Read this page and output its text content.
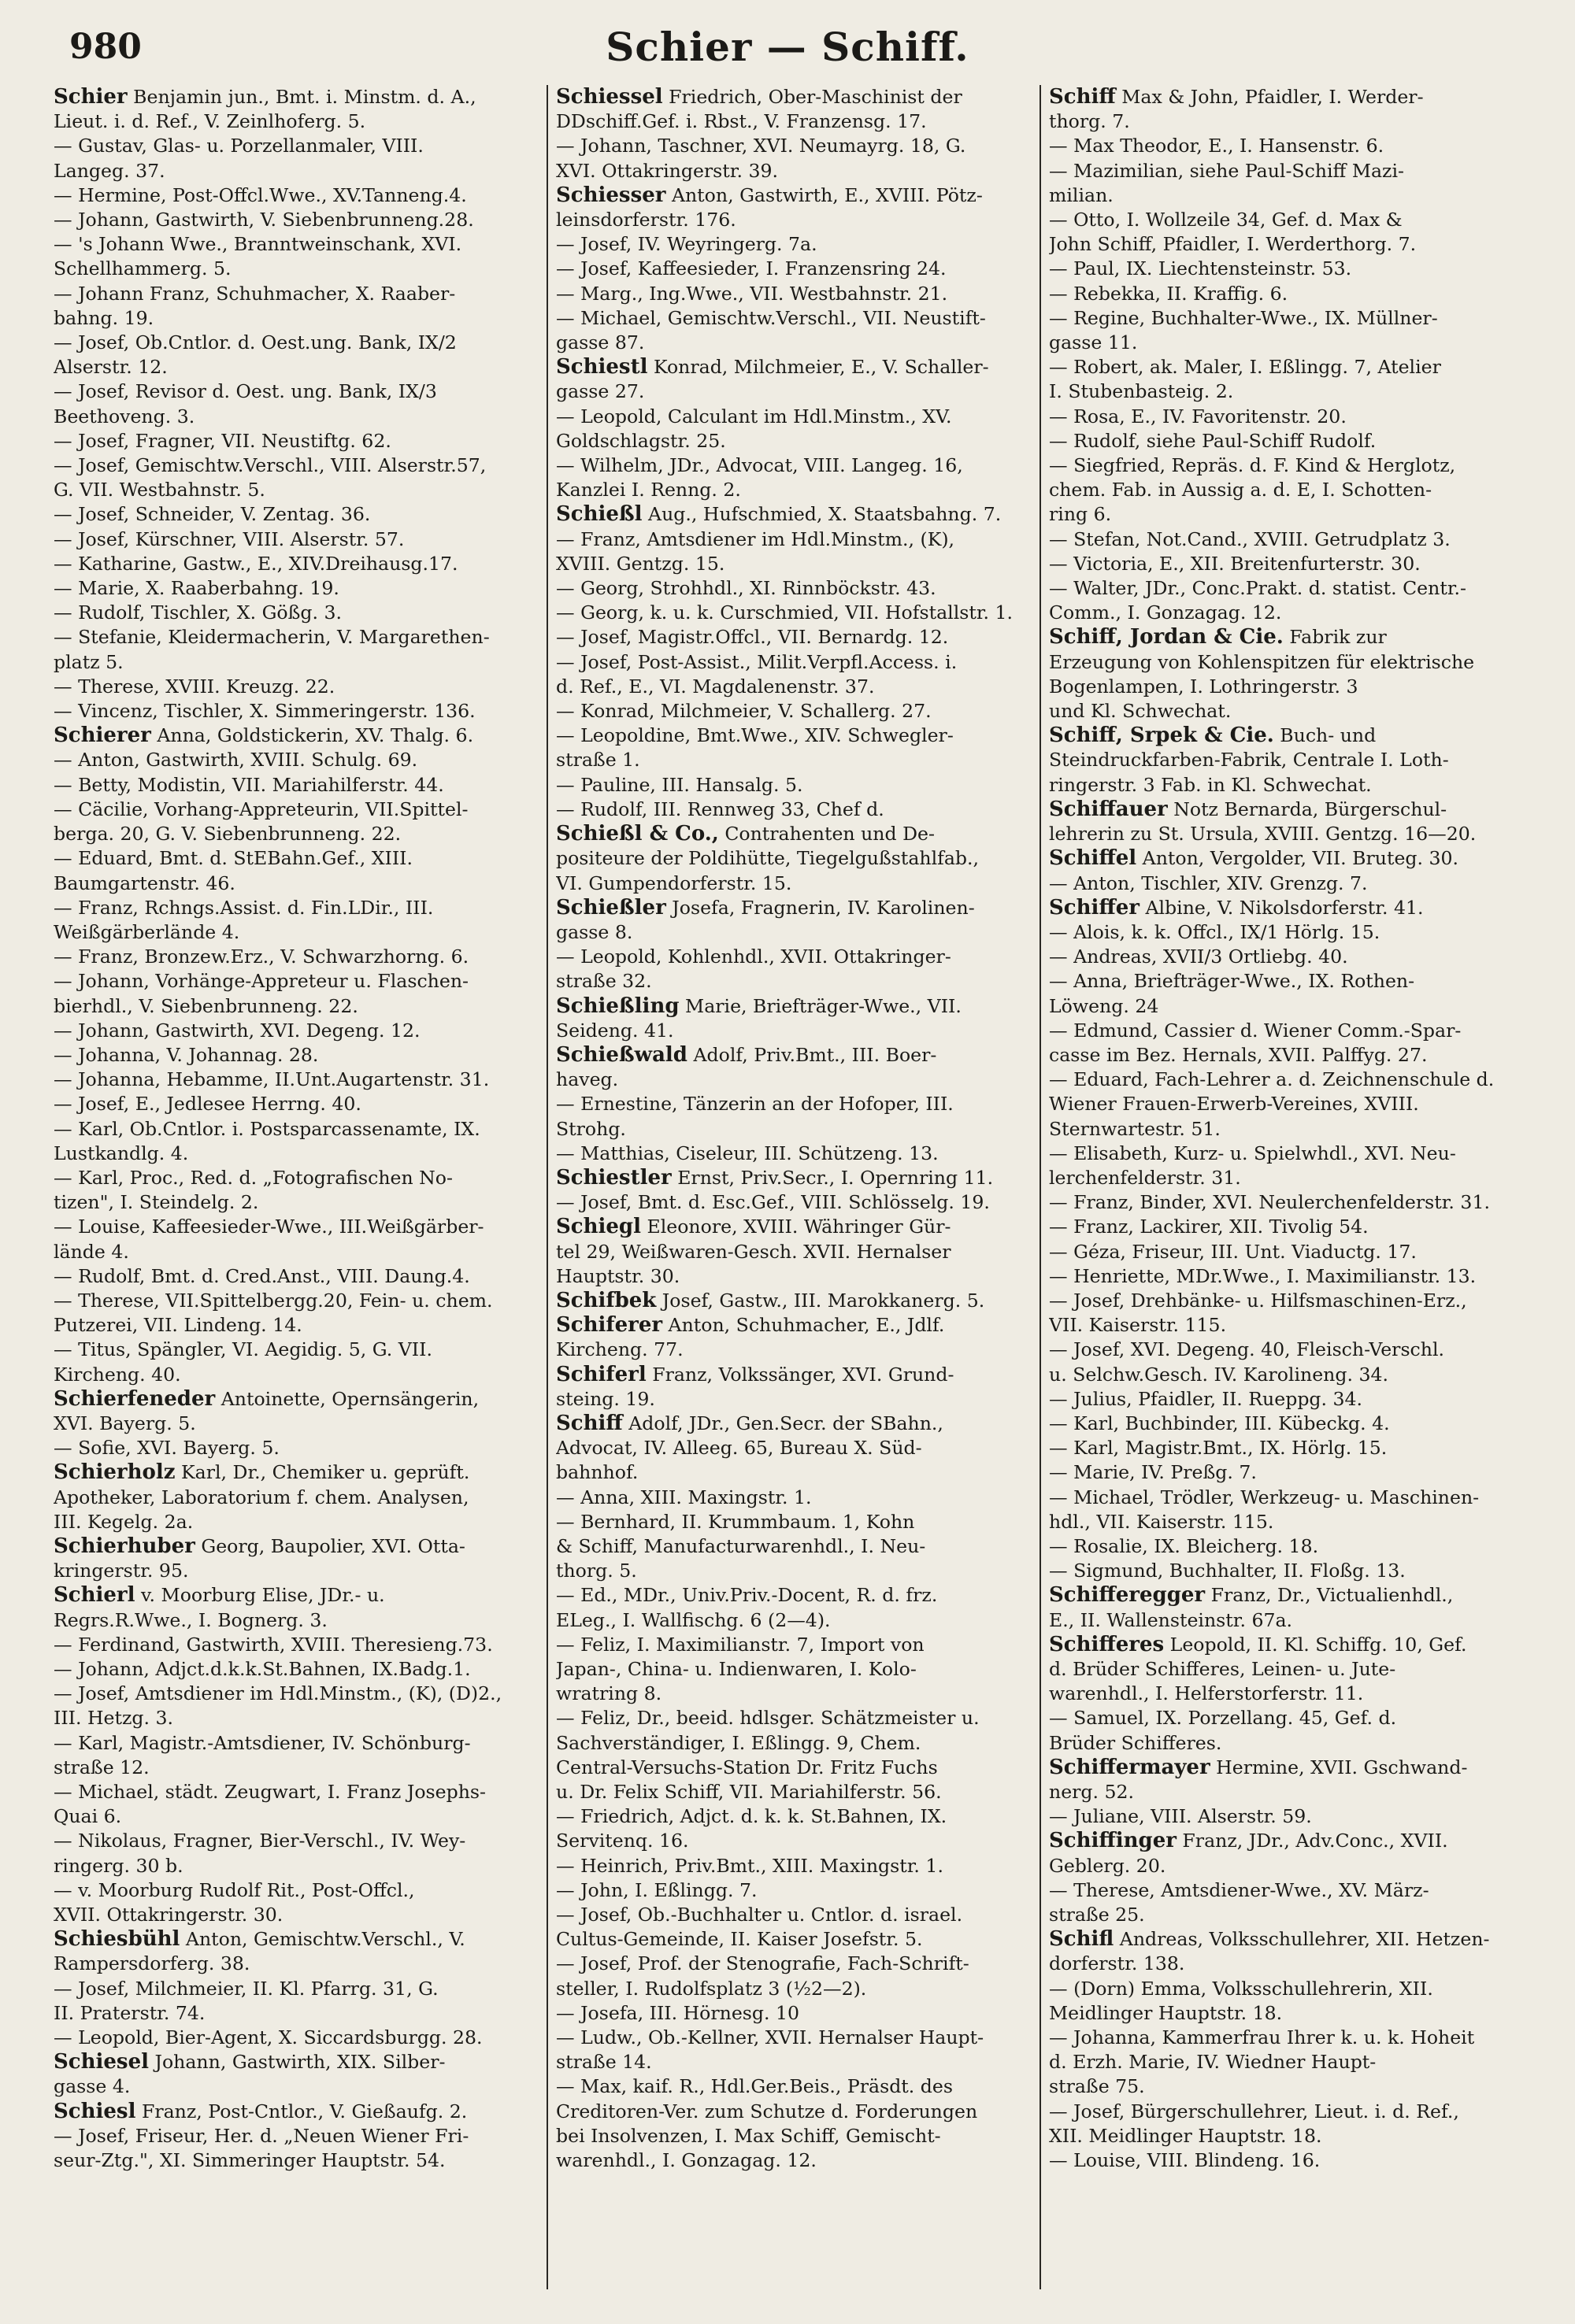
980	Schier — Schiff.

Schier Benjamin jun., Bmt. i. Minstm. d. A.,

Lieut. i. d. Ref., V. Zeinlhoferg. 5.

— Gustav, Glas- u. Porzellanmaler, VIII.

Langeg. 37.

— Hermine, Post-Offcl.Wwe., XV.Tanneng.4.

— Johann, Gastwirth, V. Siebenbrunneng.28.

— 's Johann Wwe., Branntweinschank, XVI.

Schellhammerg. 5.

— Johann Franz, Schuhmacher, X. Raaber-

bahng. 19.

— Josef, Ob.Cntlor. d. Oest.ung. Bank, IX/2

Alserstr. 12.

— Josef, Revisor d. Oest. ung. Bank, IX/3

Beethoveng. 3.

— Josef, Fragner, VII. Neustiftg. 62.

— Josef, Gemischtw.Verschl., VIII. Alserstr.57,

G. VII. Westbahnstr. 5.

— Josef, Schneider, V. Zentag. 36.

— Josef, Kürschner, VIII. Alserstr. 57.

— Katharine, Gastw., E., XIV.Dreihausg.17.

— Marie, X. Raaberbahng. 19.

— Rudolf, Tischler, X. Gößg. 3.

— Stefanie, Kleidermacherin, V. Margarethen-

platz 5.

— Therese, XVIII. Kreuzg. 22.

— Vincenz, Tischler, X. Simmeringerstr. 136.

Schierer Anna, Goldstickerin, XV. Thalg. 6.

— Anton, Gastwirth, XVIII. Schulg. 69.

— Betty, Modistin, VII. Mariahilferstr. 44.

— Cäcilie, Vorhang-Appreteurin, VII.Spittel-

berga. 20, G. V. Siebenbrunneng. 22.

— Eduard, Bmt. d. StEBahn.Gef., XIII.

Baumgartenstr. 46.

— Franz, Rchngs.Assist. d. Fin.LDir., III.

Weißgärberlände 4.

— Franz, Bronzew.Erz., V. Schwarzhorng. 6.

— Johann, Vorhänge-Appreteur u. Flaschen-

bierhdl., V. Siebenbrunneng. 22.

— Johann, Gastwirth, XVI. Degeng. 12.

— Johanna, V. Johannag. 28.

— Johanna, Hebamme, II.Unt.Augartenstr. 31.

— Josef, E., Jedlesee Herrng. 40.

— Karl, Ob.Cntlor. i. Postsparcassenamte, IX.

Lustkandlg. 4.

— Karl, Proc., Red. d. „Fotografischen No-

tizen", I. Steindelg. 2.

— Louise, Kaffeesieder-Wwe., III.Weißgärber-

lände 4.

— Rudolf, Bmt. d. Cred.Anst., VIII. Daung.4.

— Therese, VII.Spittelbergg.20, Fein- u. chem.

Putzerei, VII. Lindeng. 14.

— Titus, Spängler, VI. Aegidig. 5, G. VII.

Kircheng. 40.

Schierfeneder Antoinette, Opernsängerin,

XVI. Bayerg. 5.

— Sofie, XVI. Bayerg. 5.

Schierholz Karl, Dr., Chemiker u. geprüft.

Apotheker, Laboratorium f. chem. Analysen,

III. Kegelg. 2a.

Schierhuber Georg, Baupolier, XVI. Otta-

kringerstr. 95.

Schierl v. Moorburg Elise, JDr.- u.

Regrs.R.Wwe., I. Bognerg. 3.

— Ferdinand, Gastwirth, XVIII. Theresieng.73.

— Johann, Adjct.d.k.k.St.Bahnen, IX.Badg.1.

— Josef, Amtsdiener im Hdl.Minstm., (K), (D)2.,

III. Hetzg. 3.

— Karl, Magistr.-Amtsdiener, IV. Schönburg-

straße 12.

— Michael, städt. Zeugwart, I. Franz Josephs-

Quai 6.

— Nikolaus, Fragner, Bier-Verschl., IV. Wey-

ringerg. 30 b.

— v. Moorburg Rudolf Rit., Post-Offcl.,

XVII. Ottakringerstr. 30.

Schiesbühl Anton, Gemischtw.Verschl., V.

Rampersdorferg. 38.

— Josef, Milchmeier, II. Kl. Pfarrg. 31, G.

II. Praterstr. 74.

— Leopold, Bier-Agent, X. Siccardsburgg. 28.

Schiesel Johann, Gastwirth, XIX. Silber-

gasse 4.

Schiesl Franz, Post-Cntlor., V. Gießaufg. 2.

— Josef, Friseur, Her. d. „Neuen Wiener Fri-

seur-Ztg.", XI. Simmeringer Hauptstr. 54.

Schiessel Friedrich, Ober-Maschinist der

DDschiff.Gef. i. Rbst., V. Franzensg. 17.

— Johann, Taschner, XVI. Neumayrg. 18, G.

XVI. Ottakringerstr. 39.

Schiesser Anton, Gastwirth, E., XVIII. Pötz-

leinsdorferstr. 176.

— Josef, IV. Weyringerg. 7a.

— Josef, Kaffeesieder, I. Franzensring 24.

— Marg., Ing.Wwe., VII. Westbahnstr. 21.

— Michael, Gemischtw.Verschl., VII. Neustift-

gasse 87.

Schiestl Konrad, Milchmeier, E., V. Schaller-

gasse 27.

— Leopold, Calculant im Hdl.Minstm., XV.

Goldschlagstr. 25.

— Wilhelm, JDr., Advocat, VIII. Langeg. 16,

Kanzlei I. Renng. 2.

Schießl Aug., Hufschmied, X. Staatsbahng. 7.

— Franz, Amtsdiener im Hdl.Minstm., (K),

XVIII. Gentzg. 15.

— Georg, Strohhdl., XI. Rinnböckstr. 43.

— Georg, k. u. k. Curschmied, VII. Hofstallstr. 1.

— Josef, Magistr.Offcl., VII. Bernardg. 12.

— Josef, Post-Assist., Milit.Verpfl.Access. i.

d. Ref., E., VI. Magdalenenstr. 37.

— Konrad, Milchmeier, V. Schallerg. 27.

— Leopoldine, Bmt.Wwe., XIV. Schwegler-

straße 1.

— Pauline, III. Hansalg. 5.

— Rudolf, III. Rennweg 33, Chef d.

Schießl & Co., Contrahenten und De-

positeure der Poldihütte, Tiegelgußstahlfab.,

VI. Gumpendorferstr. 15.

Schießler Josefa, Fragnerin, IV. Karolinen-

gasse 8.

— Leopold, Kohlenhdl., XVII. Ottakringer-

straße 32.

Schießling Marie, Briefträger-Wwe., VII.

Seideng. 41.

Schießwald Adolf, Priv.Bmt., III. Boer-

haveg.

— Ernestine, Tänzerin an der Hofoper, III.

Strohg.

— Matthias, Ciseleur, III. Schützeng. 13.

Schiestler Ernst, Priv.Secr., I. Opernring 11.

— Josef, Bmt. d. Esc.Gef., VIII. Schlösselg. 19.

Schiegl Eleonore, XVIII. Währinger Gür-

tel 29, Weißwaren-Gesch. XVII. Hernalser

Hauptstr. 30.

Schifbek Josef, Gastw., III. Marokkanerg. 5.

Schiferer Anton, Schuhmacher, E., Jdlf.

Kircheng. 77.

Schiferl Franz, Volkssänger, XVI. Grund-

steing. 19.

Schiff Adolf, JDr., Gen.Secr. der SBahn.,

Advocat, IV. Alleeg. 65, Bureau X. Süd-

bahnhof.

— Anna, XIII. Maxingstr. 1.

— Bernhard, II. Krummbaum. 1, Kohn

& Schiff, Manufacturwarenhdl., I. Neu-

thorg. 5.

— Ed., MDr., Univ.Priv.-Docent, R. d. frz.

ELeg., I. Wallfischg. 6 (2—4).

— Feliz, I. Maximilianstr. 7, Import von

Japan-, China- u. Indienwaren, I. Kolo-

wratring 8.

— Feliz, Dr., beeid. hdlsger. Schätzmeister u.

Sachverständiger, I. Eßlingg. 9, Chem.

Central-Versuchs-Station Dr. Fritz Fuchs

u. Dr. Felix Schiff, VII. Mariahilferstr. 56.

— Friedrich, Adjct. d. k. k. St.Bahnen, IX.

Servitenq. 16.

— Heinrich, Priv.Bmt., XIII. Maxingstr. 1.

— John, I. Eßlingg. 7.

— Josef, Ob.-Buchhalter u. Cntlor. d. israel.

Cultus-Gemeinde, II. Kaiser Josefstr. 5.

— Josef, Prof. der Stenografie, Fach-Schrift-

steller, I. Rudolfsplatz 3 (½2—2).

— Josefa, III. Hörnesg. 10

— Ludw., Ob.-Kellner, XVII. Hernalser Haupt-

straße 14.

— Max, kaif. R., Hdl.Ger.Beis., Präsdt. des

Creditoren-Ver. zum Schutze d. Forderungen

bei Insolvenzen, I. Max Schiff, Gemischt-

warenhdl., I. Gonzagag. 12.

Schiff Max & John, Pfaidler, I. Werder-

thorg. 7.

— Max Theodor, E., I. Hansenstr. 6.

— Mazimilian, siehe Paul-Schiff Mazi-

milian.

— Otto, I. Wollzeile 34, Gef. d. Max &

John Schiff, Pfaidler, I. Werderthorg. 7.

— Paul, IX. Liechtensteinstr. 53.

— Rebekka, II. Kraffig. 6.

— Regine, Buchhalter-Wwe., IX. Müllner-

gasse 11.

— Robert, ak. Maler, I. Eßlingg. 7, Atelier

I. Stubenbasteig. 2.

— Rosa, E., IV. Favoritenstr. 20.

— Rudolf, siehe Paul-Schiff Rudolf.

— Siegfried, Repräs. d. F. Kind & Herglotz,

chem. Fab. in Aussig a. d. E, I. Schotten-

ring 6.

— Stefan, Not.Cand., XVIII. Getrudplatz 3.

— Victoria, E., XII. Breitenfurterstr. 30.

— Walter, JDr., Conc.Prakt. d. statist. Centr.-

Comm., I. Gonzagag. 12.

Schiff, Jordan & Cie. Fabrik zur

Erzeugung von Kohlenspitzen für elektrische

Bogenlampen, I. Lothringerstr. 3

und Kl. Schwechat.

Schiff, Srpek & Cie. Buch- und

Steindruckfarben-Fabrik, Centrale I. Loth-

ringerstr. 3 Fab. in Kl. Schwechat.

Schiffauer Notz Bernarda, Bürgerschul-

lehrerin zu St. Ursula, XVIII. Gentzg. 16—20.

Schiffel Anton, Vergolder, VII. Bruteg. 30.

— Anton, Tischler, XIV. Grenzg. 7.

Schiffer Albine, V. Nikolsdorferstr. 41.

— Alois, k. k. Offcl., IX/1 Hörlg. 15.

— Andreas, XVII/3 Ortliebg. 40.

— Anna, Briefträger-Wwe., IX. Rothen-

Löweng. 24

— Edmund, Cassier d. Wiener Comm.-Spar-

casse im Bez. Hernals, XVII. Palffyg. 27.

— Eduard, Fach-Lehrer a. d. Zeichnenschule d.

Wiener Frauen-Erwerb-Vereines, XVIII.

Sternwartestr. 51.

— Elisabeth, Kurz- u. Spielwhdl., XVI. Neu-

lerchenfelderstr. 31.

— Franz, Binder, XVI. Neulerchenfelderstr. 31.

— Franz, Lackirer, XII. Tivolig 54.

— Géza, Friseur, III. Unt. Viaductg. 17.

— Henriette, MDr.Wwe., I. Maximilianstr. 13.

— Josef, Drehbänke- u. Hilfsmaschinen-Erz.,

VII. Kaiserstr. 115.

— Josef, XVI. Degeng. 40, Fleisch-Verschl.

u. Selchw.Gesch. IV. Karolineng. 34.

— Julius, Pfaidler, II. Rueppg. 34.

— Karl, Buchbinder, III. Kübeckg. 4.

— Karl, Magistr.Bmt., IX. Hörlg. 15.

— Marie, IV. Preßg. 7.

— Michael, Trödler, Werkzeug- u. Maschinen-

hdl., VII. Kaiserstr. 115.

— Rosalie, IX. Bleicherg. 18.

— Sigmund, Buchhalter, II. Floßg. 13.

Schifferegger Franz, Dr., Victualienhdl.,

E., II. Wallensteinstr. 67a.

Schifferes Leopold, II. Kl. Schiffg. 10, Gef.

d. Brüder Schifferes, Leinen- u. Jute-

warenhdl., I. Helferstorferstr. 11.

— Samuel, IX. Porzellang. 45, Gef. d.

Brüder Schifferes.

Schiffermayer Hermine, XVII. Gschwand-

nerg. 52.

— Juliane, VIII. Alserstr. 59.

Schiffinger Franz, JDr., Adv.Conc., XVII.

Geblerg. 20.

— Therese, Amtsdiener-Wwe., XV. März-

straße 25.

Schifl Andreas, Volksschullehrer, XII. Hetzen-

dorferstr. 138.

— (Dorn) Emma, Volksschullehrerin, XII.

Meidlinger Hauptstr. 18.

— Johanna, Kammerfrau Ihrer k. u. k. Hoheit

d. Erzh. Marie, IV. Wiedner Haupt-

straße 75.

— Josef, Bürgerschullehrer, Lieut. i. d. Ref.,

XII. Meidlinger Hauptstr. 18.

— Louise, VIII. Blindeng. 16.
